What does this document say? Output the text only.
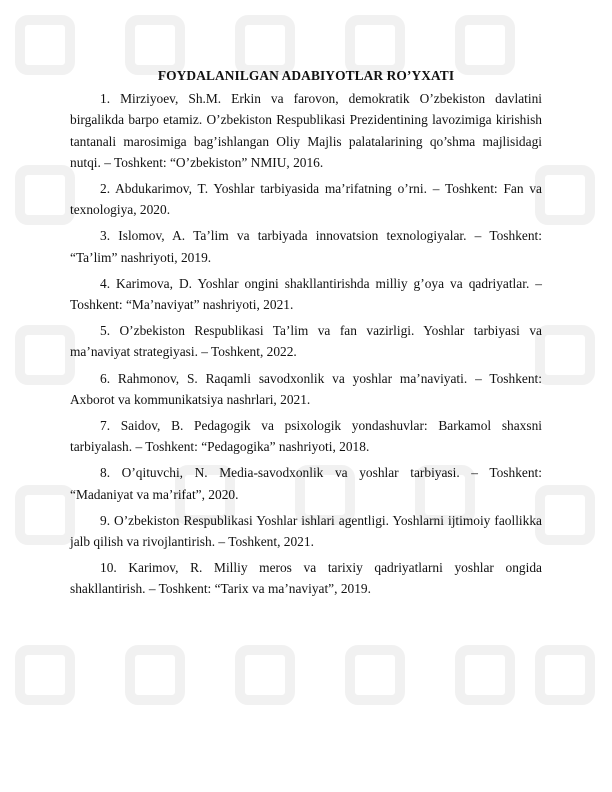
FOYDALANILGAN ADABIYOTLAR RO’YXATI

1. Mirziyoev, Sh.M. Erkin va farovon, demokratik O’zbekiston davlatini birgalikda barpo etamiz. O’zbekiston Respublikasi Prezidentining lavozimiga kirishish tantanali marosimiga bag’ishlangan Oliy Majlis palatalarining qo’shma majlisidagi nutqi. – Toshkent: “O’zbekiston” NMIU, 2016.

2. Abdukarimov, T. Yoshlar tarbiyasida ma’rifatning o’rni. – Toshkent: Fan va texnologiya, 2020.

3. Islomov, A. Ta’lim va tarbiyada innovatsion texnologiyalar. – Toshkent: “Ta’lim” nashriyoti, 2019.

4. Karimova, D. Yoshlar ongini shakllantirishda milliy g’oya va qadriyatlar. – Toshkent: “Ma’naviyat” nashriyoti, 2021.

5. O’zbekiston Respublikasi Ta’lim va fan vazirligi. Yoshlar tarbiyasi va ma’naviyat strategiyasi. – Toshkent, 2022.

6. Rahmonov, S. Raqamli savodxonlik va yoshlar ma’naviyati. – Toshkent: Axborot va kommunikatsiya nashrlari, 2021.

7. Saidov, B. Pedagogik va psixologik yondashuvlar: Barkamol shaxsni tarbiyalash. – Toshkent: “Pedagogika” nashriyoti, 2018.

8. O’qituvchi, N. Media-savodxonlik va yoshlar tarbiyasi. – Toshkent: “Madaniyat va ma’rifat”, 2020.

9. O’zbekiston Respublikasi Yoshlar ishlari agentligi. Yoshlarni ijtimoiy faollikka jalb qilish va rivojlantirish. – Toshkent, 2021.

10. Karimov, R. Milliy meros va tarixiy qadriyatlarni yoshlar ongida shakllantirish. – Toshkent: “Tarix va ma’naviyat”, 2019.
